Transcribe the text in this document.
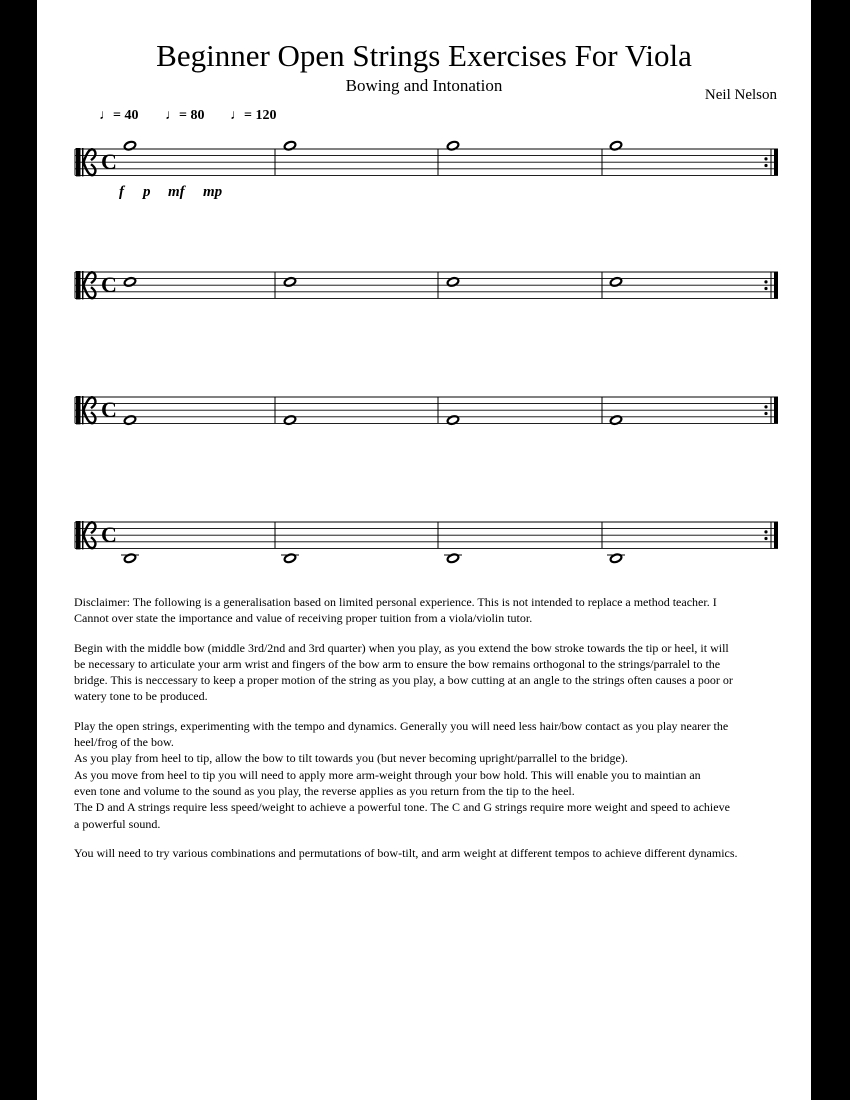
Beginner Open Strings Exercises For Viola
Bowing and Intonation	Neil Nelson
♩= 40 ♩= 80 ♩= 120
f p mf mp
C
C
C
C

Disclaimer: The following is a generalisation based on limited personal experience. This is not intended to replace a method teacher. I
Cannot over state the importance and value of receiving proper tuition from a viola/violin tutor.

Begin with the middle bow (middle 3rd/2nd and 3rd quarter) when you play, as you extend the bow stroke towards the tip or heel, it will
be necessary to articulate your arm wrist and fingers of the bow arm to ensure the bow remains orthogonal to the strings/parralel to the
bridge. This is neccessary to keep a proper motion of the string as you play, a bow cutting at an angle to the strings often causes a poor or
watery tone to be produced.

Play the open strings, experimenting with the tempo and dynamics. Generally you will need less hair/bow contact as you play nearer the
heel/frog of the bow.
As you play from heel to tip, allow the bow to tilt towards you (but never becoming upright/parrallel to the bridge).
As you move from heel to tip you will need to apply more arm-weight through your bow hold. This will enable you to maintian an
even tone and volume to the sound as you play, the reverse applies as you return from the tip to the heel.
The D and A strings require less speed/weight to achieve a powerful tone. The C and G strings require more weight and speed to achieve
a powerful sound.

You will need to try various combinations and permutations of bow-tilt, and arm weight at different tempos to achieve different dynamics.
